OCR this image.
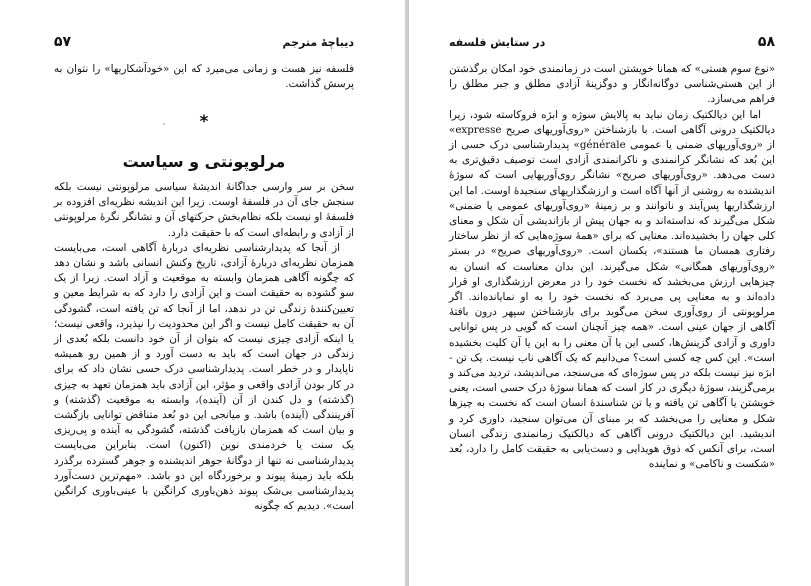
دیباچهٔ مترجم
۵۷

فلسفه نیز هست و زمانی می‌میرد که این «خودآشکاریها» را نتوان به پرسش گذاشت.

*
مرلوپونتی و سیاست

سخن بر سر وارسی جداگانهٔ اندیشهٔ سیاسی مرلوپونتی نیست بلکه سنجش جای آن در فلسفهٔ اوست. زیرا این اندیشه نظریه‌ای افزوده بر فلسفهٔ او نیست بلکه نظام‌بخش حرکتهای آن و نشانگر نگرهٔ مرلوپونتی از آزادی و رابطه‌ای است که با حقیقت دارد.

از آنجا که پدیدارشناسی نظریه‌ای دربارهٔ آگاهی است، می‌بایست همزمان نظریه‌ای دربارهٔ آزادی، تاریخ وکنش انسانی باشد و نشان دهد که چگونه آگاهی همزمان وابسته به موقعیت و آزاد است. زیرا از یک سو گشوده به حقیقت است و این آزادی را دارد که به شرایط معین و تعیین‌کنندهٔ زندگی تن در ندهد، اما از آنجا که تن یافته است، گشودگی آن به حقیقت کامل نیست و اگر این محدودیت را نپذیرد، واقعی نیست؛ یا اینکه آزادی چیزی نیست که بتوان از آن خود دانست بلکه بُعدی از زندگی در جهان است که باید به دست آورد و از همین رو همیشه ناپایدار و در خطر است. پدیدارشناسی درک حسی نشان داد که برای در کار بودن آزادی واقعی و مؤثر، این آزادی باید همزمان تعهد به چیزی (گذشته) و دل کندن از آن (آینده)، وابسته به موقعیت (گذشته) و آفرینندگی (آینده) باشد. و میانجی این دو بُعد متناقض توانایی بازگشت و بیان است که همزمان بازیافت گذشته، گشودگی به آینده و پی‌ریزی یک سنت یا خردمندی نوین (اکنون) است. بنابراین می‌بایست پدیدارشناسی نه تنها از دوگانهٔ جوهر اندیشنده و جوهر گسترده برگذرد بلکه باید زمینهٔ پیوند و برخوردگاه این دو باشد. «مهم‌ترین دست‌آورد پدیدارشناسی بی‌شک پیوند ذهن‌باوری کرانگین با عینی‌باوری کرانگین است». دیدیم که چگونه

۵۸
در ستایش فلسفه

«نوع سوم هستی» که همانا خویشتن است در زمانمندی خود امکان برگذشتن از این هستی‌شناسی دوگانه‌انگار و دوگزینهٔ آزادی مطلق و جبر مطلق را فراهم می‌سازد.

اما این دیالکتیک زمان نباید به پالایش سوژه و ابژه فروکاسته شود، زیرا دیالکتیک درونی آگاهی است. با بازشناختن «روی‌آوریهای صریح expresse» از «روی‌آوریهای ضمنی یا عمومی générale» پدیدارشناسی درک حسی از این بُعد که نشانگر کرانمندی و ناکرانمندی آزادی است توصیف دقیق‌تری به دست می‌دهد. «روی‌آوریهای صریح» نشانگر روی‌آوریهایی است که سوژهٔ اندیشنده به روشنی از آنها آگاه است و ارزشگذاریهای سنجیدهٔ اوست. اما این ارزشگذاریها پس‌آیند و ناتوانند و بر زمینهٔ «روی‌آوریهای عمومی یا ضمنی» شکل می‌گیرند که نداسته‌اند و به جهان پیش از بازاندیشی آن شکل و معنای کلی جهان را بخشیده‌اند. معنایی که برای «همهٔ سوژه‌هایی که از نظر ساختار رفتاری همسان ما هستند»، یکسان است. «روی‌آوریهای صریح» در بستر «روی‌آوریهای همگانی» شکل می‌گیرند. این بدان معناست که انسان به چیزهایی ارزش می‌بخشد که نخست خود را در معرض ارزشگذاری او قرار داده‌اند و به معنایی پی می‌برد که نخست خود را به او نمایانده‌اند. اگر مرلوپونتی از روی‌آوری سخن می‌گوید برای بازشناختن سپهر درون بافتهٔ آگاهی از جهان عینی است. «همه چیز آنچنان است که گویی در پس توانایی داوری و آزادی گزینش‌ها، کسی این یا آن معنی را به این یا آن کلیت بخشیده است». این کس چه کسی است؟ می‌دانیم که یک آگاهی ناب نیست. یک تن - ابژه نیز نیست بلکه در پس سوژه‌ای که می‌سنجد، می‌اندیشد، تردید می‌کند و برمی‌گزیند، سوژهٔ دیگری در کار است که همانا سوژهٔ درک حسی است، یعنی خویشتن یا آگاهی تن یافته و یا تن شناسندهٔ انسان است که نخست به چیزها شکل و معنایی را می‌بخشد که بر مبنای آن می‌توان سنجید، داوری کرد و اندیشید. این دیالکتیک درونی آگاهی که دیالکتیک زمانمندی زندگی انسان است، برای آنکس که ذوق هویدایی و دست‌یابی به حقیقت کامل را دارد، بُعد «شکست و ناکامی» و نماینده
